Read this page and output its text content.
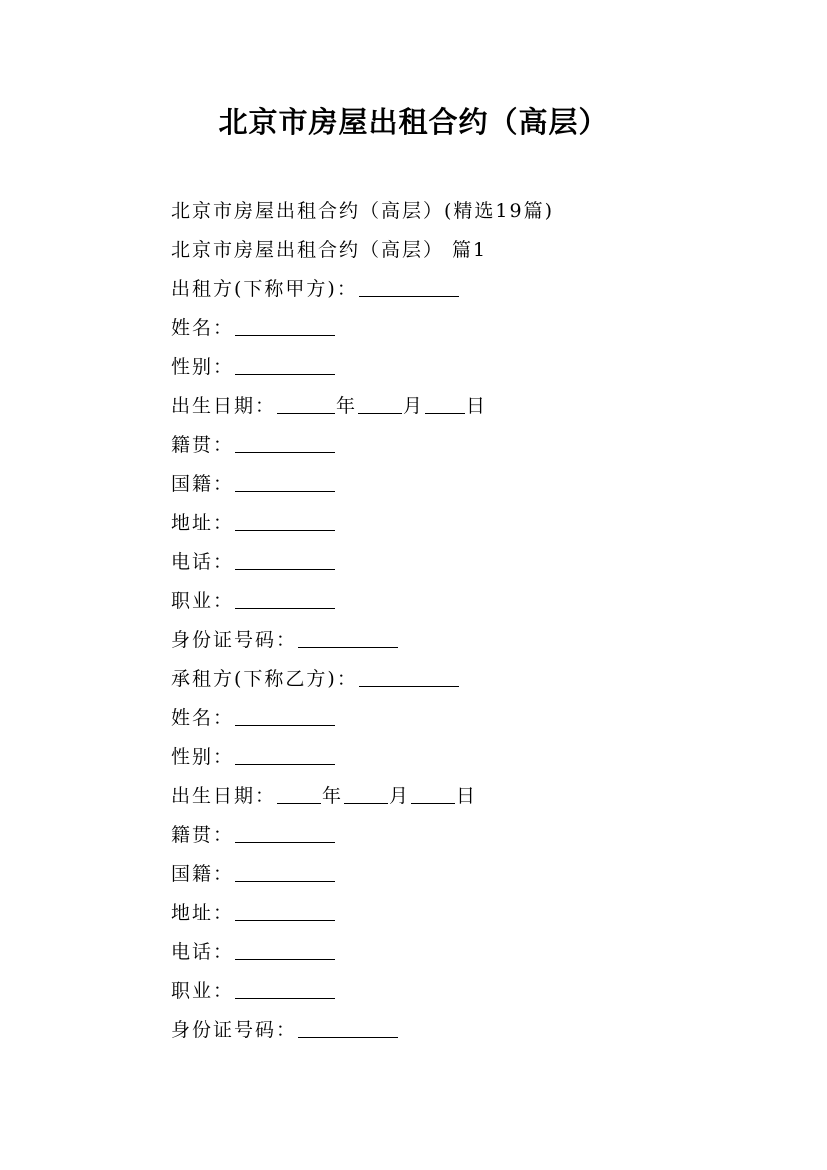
北京市房屋出租合约（高层）
北京市房屋出租合约（高层）(精选19篇)
北京市房屋出租合约（高层） 篇1
出租方(下称甲方)：
姓名：
性别：
出生日期：	年 月 日
籍贯：
国籍：
地址：
电话：
职业：
身份证号码：
承租方(下称乙方)：
姓名：
性别：
出生日期： 年 月 日
籍贯：
国籍：
地址：
电话：
职业：
身份证号码：
